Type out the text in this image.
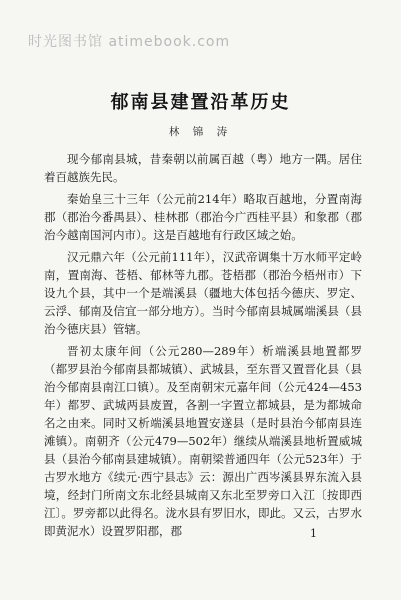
时光图书馆 atimebook.com
郁南县建置沿革历史
林 锦 涛

现今郁南县城，昔秦朝以前属百越（粤）地方一隅。居住着百越族先民。

秦始皇三十三年（公元前214年）略取百越地，分置南海郡（郡治今番禺县）、桂林郡（郡治今广西桂平县）和象郡（郡治今越南国河内市）。这是百越地有行政区域之始。

汉元鼎六年（公元前111年），汉武帝调集十万水师平定岭南，置南海、苍梧、郁林等九郡。苍梧郡（郡治今梧州市）下设九个县，其中一个是端溪县（疆地大体包括今德庆、罗定、云浮、郁南及信宜一部分地方）。当时今郁南县城属端溪县（县治今德庆县）管辖。

晋初太康年间（公元280—289年）析端溪县地置都罗（都罗县治今郁南县都城镇）、武城县，至东晋又置晋化县（县治今郁南县南江口镇）。及至南朝宋元嘉年间（公元424—453年）都罗、武城两县废置，各割一字置立都城县，是为都城命名之由来。同时又析端溪县地置安遂县（是时县治今郁南县连滩镇）。南朝齐（公元479—502年）继续从端溪县地析置威城县（县治今郁南县建城镇）。南朝梁普通四年（公元523年）于古罗水地方《续元·西宁县志》云：源出广西岑溪县界东流入县境，经封门所南文东北经县城南又东北至罗旁口入江〔按即西江〕。罗旁都以此得名。泷水县有罗旧水，即此。又云，古罗水即黄泥水）设置罗阳郡，郡	1
